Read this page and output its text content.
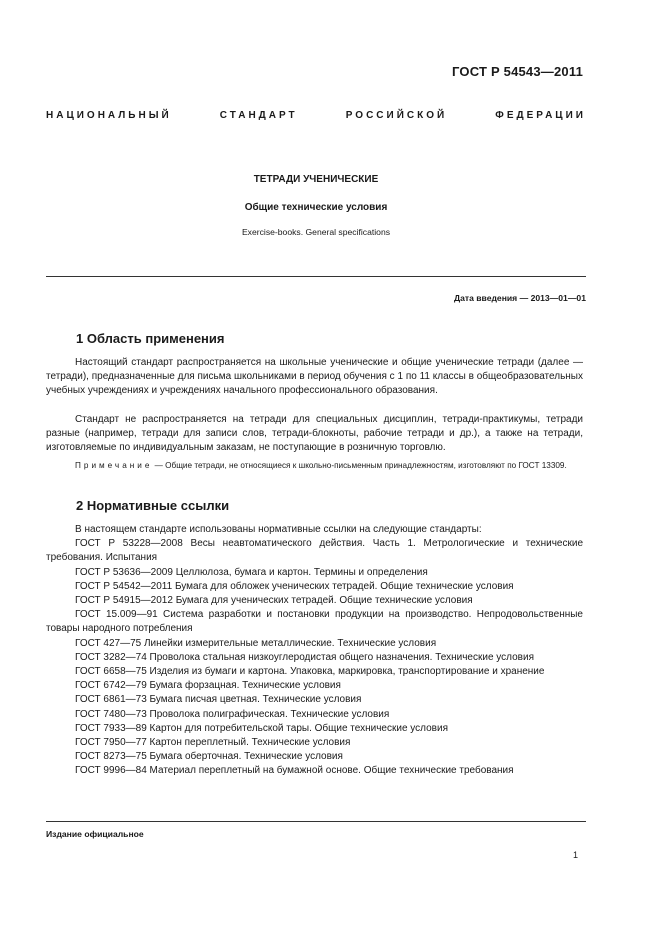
ГОСТ Р 54543—2011
НАЦИОНАЛЬНЫЙ СТАНДАРТ РОССИЙСКОЙ ФЕДЕРАЦИИ
ТЕТРАДИ УЧЕНИЧЕСКИЕ
Общие технические условия
Exercise-books. General specifications
Дата введения — 2013—01—01
1 Область применения
Настоящий стандарт распространяется на школьные ученические и общие ученические тетради (далее — тетради), предназначенные для письма школьниками в период обучения с 1 по 11 классы в общеобразовательных учебных учреждениях и учреждениях начального профессионального образования.
Стандарт не распространяется на тетради для специальных дисциплин, тетради-практикумы, тетради разные (например, тетради для записи слов, тетради-блокноты, рабочие тетради и др.), а также на тетради, изготовляемые по индивидуальным заказам, не поступающие в розничную торговлю.
Примечание — Общие тетради, не относящиеся к школьно-письменным принадлежностям, изготовляют по ГОСТ 13309.
2 Нормативные ссылки
В настоящем стандарте использованы нормативные ссылки на следующие стандарты:
ГОСТ Р 53228—2008 Весы неавтоматического действия. Часть 1. Метрологические и технические требования. Испытания
ГОСТ Р 53636—2009 Целлюлоза, бумага и картон. Термины и определения
ГОСТ Р 54542—2011 Бумага для обложек ученических тетрадей. Общие технические условия
ГОСТ Р 54915—2012 Бумага для ученических тетрадей. Общие технические условия
ГОСТ 15.009—91 Система разработки и постановки продукции на производство. Непродовольственные товары народного потребления
ГОСТ 427—75 Линейки измерительные металлические. Технические условия
ГОСТ 3282—74 Проволока стальная низкоуглеродистая общего назначения. Технические условия
ГОСТ 6658—75 Изделия из бумаги и картона. Упаковка, маркировка, транспортирование и хранение
ГОСТ 6742—79 Бумага форзацная. Технические условия
ГОСТ 6861—73 Бумага писчая цветная. Технические условия
ГОСТ 7480—73 Проволока полиграфическая. Технические условия
ГОСТ 7933—89 Картон для потребительской тары. Общие технические условия
ГОСТ 7950—77 Картон переплетный. Технические условия
ГОСТ 8273—75 Бумага оберточная. Технические условия
ГОСТ 9996—84 Материал переплетный на бумажной основе. Общие технические требования
Издание официальное
1
